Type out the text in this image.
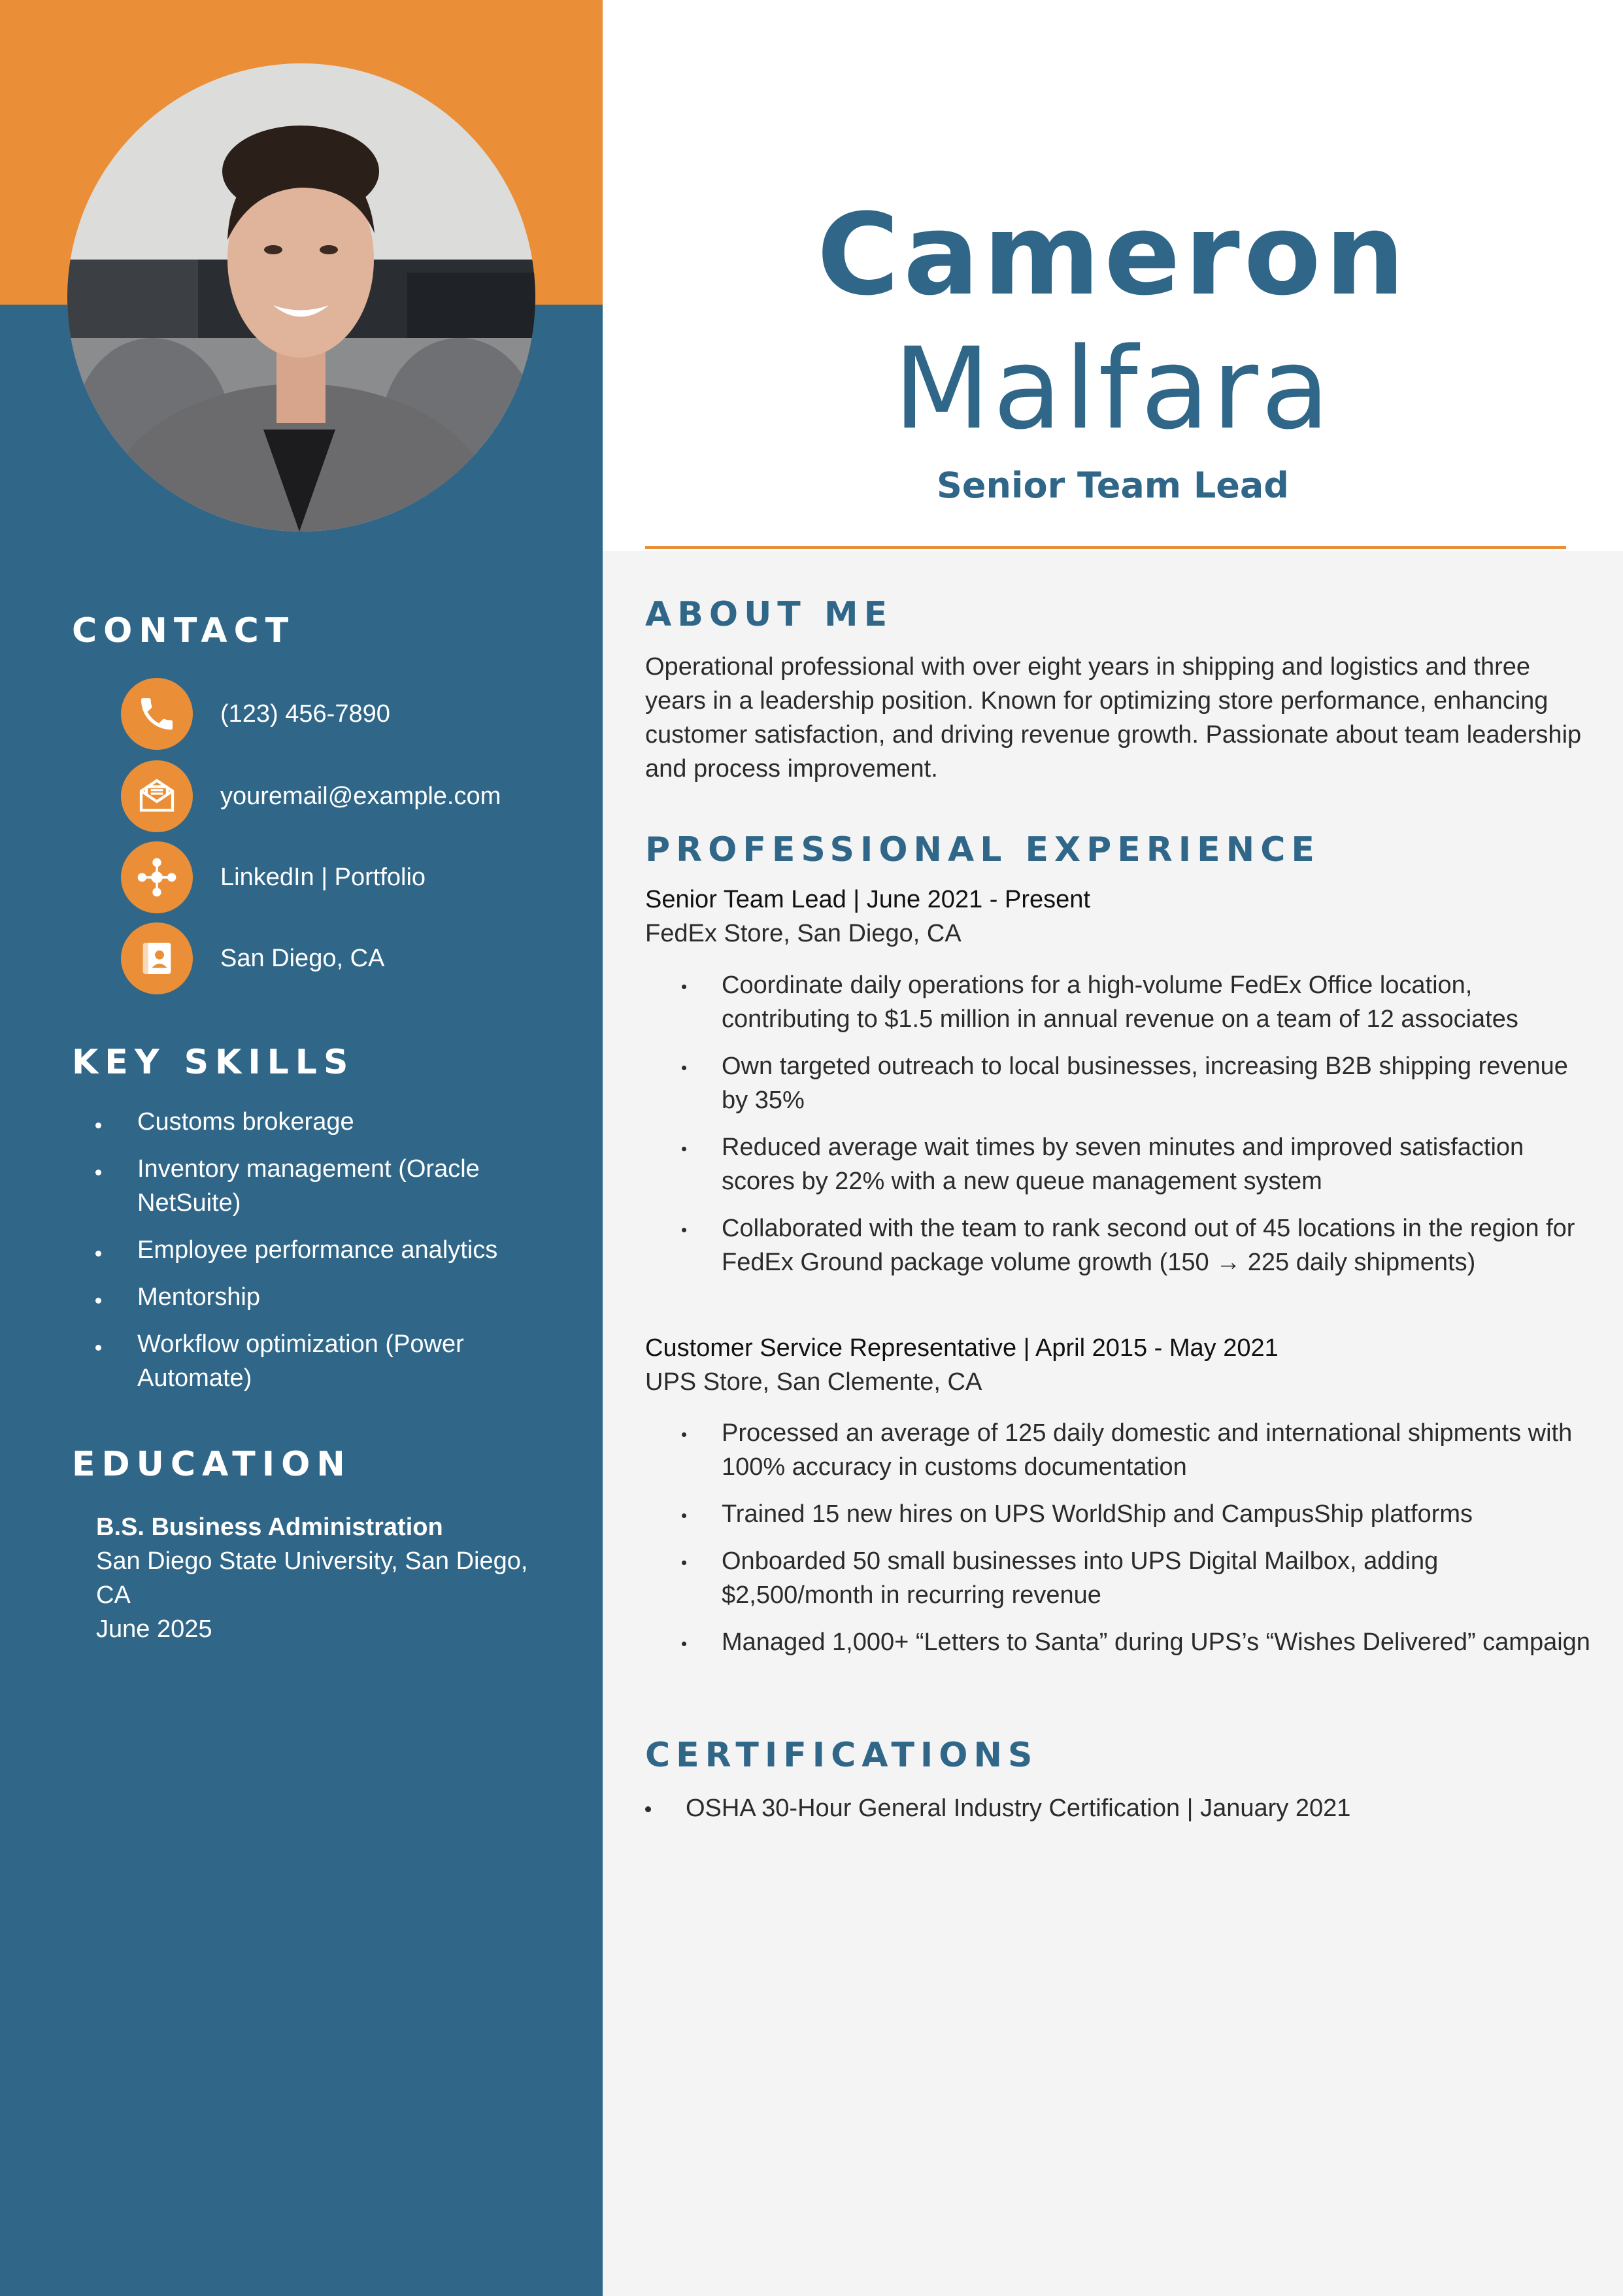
CONTACT
(123) 456-7890
youremail@example.com
LinkedIn | Portfolio
San Diego, CA
KEY SKILLS
Customs brokerage
Inventory management (Oracle NetSuite)
Employee performance analytics
Mentorship
Workflow optimization (Power Automate)
EDUCATION
B.S. Business Administration
San Diego State University, San Diego, CA
June 2025
Cameron
Malfara
Senior Team Lead
ABOUT ME
Operational professional with over eight years in shipping and logistics and three years in a leadership position. Known for optimizing store performance, enhancing customer satisfaction, and driving revenue growth. Passionate about team leadership and process improvement.
PROFESSIONAL EXPERIENCE
Senior Team Lead | June 2021 - Present
FedEx Store, San Diego, CA
Coordinate daily operations for a high-volume FedEx Office location, contributing to $1.5 million in annual revenue on a team of 12 associates
Own targeted outreach to local businesses, increasing B2B shipping revenue by 35%
Reduced average wait times by seven minutes and improved satisfaction scores by 22% with a new queue management system
Collaborated with the team to rank second out of 45 locations in the region for FedEx Ground package volume growth (150 → 225 daily shipments)
Customer Service Representative | April 2015 - May 2021
UPS Store, San Clemente, CA
Processed an average of 125 daily domestic and international shipments with 100% accuracy in customs documentation
Trained 15 new hires on UPS WorldShip and CampusShip platforms
Onboarded 50 small businesses into UPS Digital Mailbox, adding $2,500/month in recurring revenue
Managed 1,000+ “Letters to Santa” during UPS’s “Wishes Delivered” campaign
CERTIFICATIONS
OSHA 30-Hour General Industry Certification | January 2021
